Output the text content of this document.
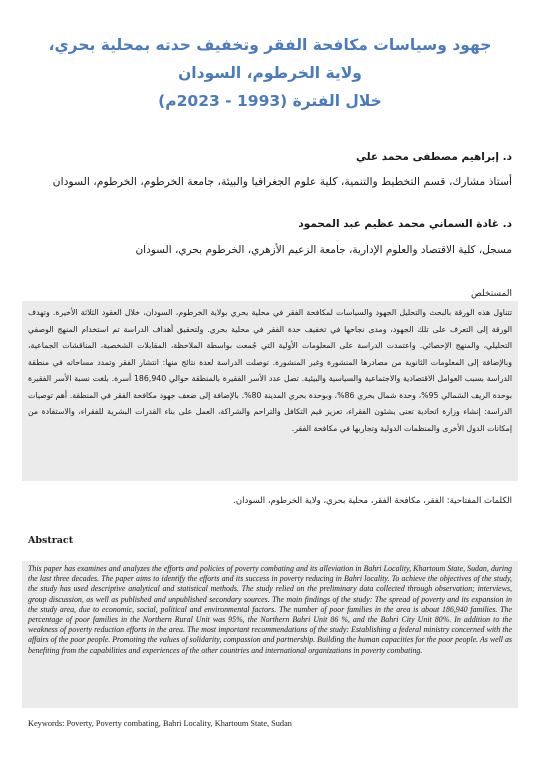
جهود وسياسات مكافحة الفقر وتخفيف حدته بمحلية بحري،
ولاية الخرطوم، السودان
خلال الفترة (1993 - 2023م)
د. إبراهيم مصطفى محمد علي
أستاذ مشارك، قسم التخطيط والتنمية، كلية علوم الجغرافيا والبيئة، جامعة الخرطوم، الخرطوم، السودان
د. غادة السماني محمد عظيم عبد المحمود
مسجل، كلية الاقتصاد والعلوم الإدارية، جامعة الزعيم الأزهري، الخرطوم بحري، السودان
المستخلص

تتناول هذه الورقة بالبحث والتحليل الجهود والسياسات لمكافحة الفقر في محلية بحري بولاية الخرطوم، السودان، خلال العقود الثلاثة الأخيرة. وتهدف الورقة إلى التعرف على تلك الجهود، ومدى نجاحها في تخفيف حدة الفقر في محلية بحري. ولتحقيق أهداف الدراسة تم استخدام المنهج الوصفي التحليلي، والمنهج الإحصائي. واعتمدت الدراسة على المعلومات الأولية التي جُمعت بواسطة الملاحظة، المقابلات الشخصية، المناقشات الجماعية، وبالإضافة إلى المعلومات الثانوية من مصادرها المنشورة وغير المنشورة. توصلت الدراسة لعدة نتائج منها: انتشار الفقر وتمدد مساحاته في منطقة الدراسة بسبب العوامل الاقتصادية والاجتماعية والسياسية والبيئية. تصل عدد الأسر الفقيرة بالمنطقة حوالي 186,940 أسرة. بلغت نسبة الأسر الفقيرة بوحدة الريف الشمالي 95%، وحدة شمال بحري 86%، وبوحدة بحري المدينة 80%. بالإضافة إلى ضعف جهود مكافحة الفقر في المنطقة. أهم توصيات الدراسة: إنشاء وزارة اتحادية تعنى بشئون الفقراء، تعزيز قيم التكافل والتراحم والشراكة، العمل على بناء القدرات البشرية للفقراء، والاستفادة من إمكانات الدول الأخرى والمنظمات الدولية وتجاربها في مكافحة الفقر.

الكلمات المفتاحية: الفقر، مكافحة الفقر، محلية بحري، ولاية الخرطوم، السودان.
Abstract

This paper has examines and analyzes the efforts and policies of poverty combating and its alleviation in Bahri Locality, Khartoum State, Sudan, during the last three decades. The paper aims to identify the efforts and its success in poverty reducing in Bahri locality. To achieve the objectives of the study, the study has used descriptive analytical and statistical methods. The study relied on the preliminary data collected through observation; interviews, group discussion, as well as published and unpublished secondary sources. The main findings of the study: The spread of poverty and its expansion in the study area, due to economic, social, political and environmental factors. The number of poor families in the area is about 186,940 families. The percentage of poor families in the Northern Rural Unit was 95%, the Northern Bahri Unit 86 %, and the Bahri City Unit 80%. In addition to the weakness of poverty reduction efforts in the area. The most important recommendations of the study: Establishing a federal ministry concerned with the affairs of the poor people. Promoting the values of solidarity, compassion and partnership. Building the human capacities for the poor people. As well as benefiting from the capabilities and experiences of the other countries and international organizations in poverty combating.

Keywords: Poverty, Poverty combating, Bahri Locality, Khartoum State, Sudan
